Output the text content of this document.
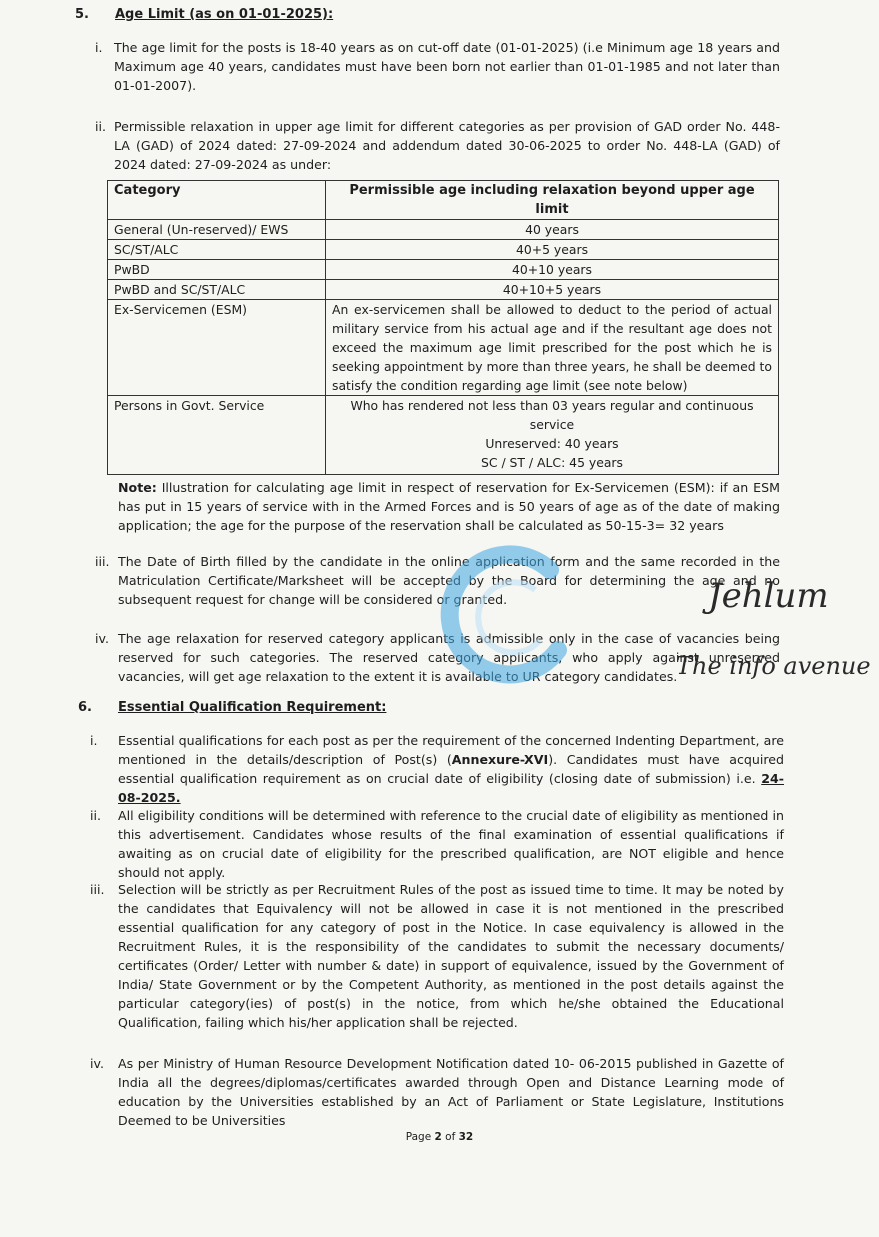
5. Age Limit (as on 01-01-2025):
i. The age limit for the posts is 18-40 years as on cut-off date (01-01-2025) (i.e Minimum age 18 years and Maximum age 40 years, candidates must have been born not earlier than 01-01-1985 and not later than 01-01-2007).
ii. Permissible relaxation in upper age limit for different categories as per provision of GAD order No. 448-LA (GAD) of 2024 dated: 27-09-2024 and addendum dated 30-06-2025 to order No. 448-LA (GAD) of 2024 dated: 27-09-2024 as under:
Category	Permissible age including relaxation beyond upper age limit
General (Un-reserved)/ EWS	40 years
SC/ST/ALC	40+5 years
PwBD	40+10 years
PwBD and SC/ST/ALC	40+10+5 years
Ex-Servicemen (ESM)	An ex-servicemen shall be allowed to deduct to the period of actual military service from his actual age and if the resultant age does not exceed the maximum age limit prescribed for the post which he is seeking appointment by more than three years, he shall be deemed to satisfy the condition regarding age limit (see note below)
Persons in Govt. Service	Who has rendered not less than 03 years regular and continuous service
Unreserved: 40 years
SC / ST / ALC: 45 years
Note: Illustration for calculating age limit in respect of reservation for Ex-Servicemen (ESM): if an ESM has put in 15 years of service with in the Armed Forces and is 50 years of age as of the date of making application; the age for the purpose of the reservation shall be calculated as 50-15-3= 32 years
iii. The Date of Birth filled by the candidate in the online application form and the same recorded in the Matriculation Certificate/Marksheet will be accepted by the Board for determining the age and no subsequent request for change will be considered or granted.
iv. The age relaxation for reserved category applicants is admissible only in the case of vacancies being reserved for such categories. The reserved category applicants, who apply against unreserved vacancies, will get age relaxation to the extent it is available to UR category candidates.
6. Essential Qualification Requirement:
i. Essential qualifications for each post as per the requirement of the concerned Indenting Department, are mentioned in the details/description of Post(s) (Annexure-XVI). Candidates must have acquired essential qualification requirement as on crucial date of eligibility (closing date of submission) i.e. 24-08-2025.
ii. All eligibility conditions will be determined with reference to the crucial date of eligibility as mentioned in this advertisement. Candidates whose results of the final examination of essential qualifications if awaiting as on crucial date of eligibility for the prescribed qualification, are NOT eligible and hence should not apply.
iii. Selection will be strictly as per Recruitment Rules of the post as issued time to time. It may be noted by the candidates that Equivalency will not be allowed in case it is not mentioned in the prescribed essential qualification for any category of post in the Notice. In case equivalency is allowed in the Recruitment Rules, it is the responsibility of the candidates to submit the necessary documents/ certificates (Order/ Letter with number & date) in support of equivalence, issued by the Government of India/ State Government or by the Competent Authority, as mentioned in the post details against the particular category(ies) of post(s) in the notice, from which he/she obtained the Educational Qualification, failing which his/her application shall be rejected.
iv. As per Ministry of Human Resource Development Notification dated 10- 06-2015 published in Gazette of India all the degrees/diplomas/certificates awarded through Open and Distance Learning mode of education by the Universities established by an Act of Parliament or State Legislature, Institutions Deemed to be Universities
Page 2 of 32
Jehlum
The info avenue
